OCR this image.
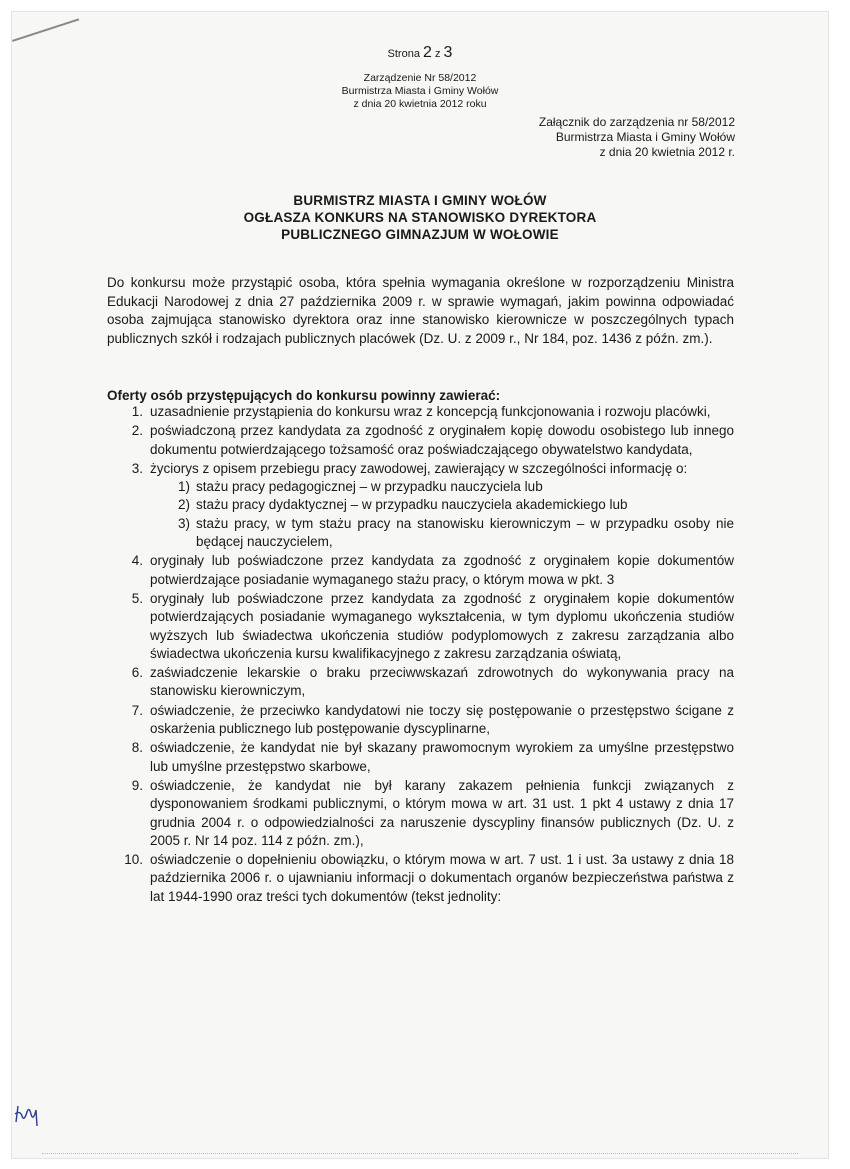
Strona 2 z 3
Zarządzenie Nr 58/2012
Burmistrza Miasta i Gminy Wołów
z dnia 20 kwietnia 2012 roku
Załącznik do zarządzenia nr 58/2012
Burmistrza Miasta i Gminy Wołów
z dnia 20 kwietnia 2012 r.
BURMISTRZ MIASTA I GMINY WOŁÓW
OGŁASZA KONKURS NA STANOWISKO DYREKTORA
PUBLICZNEGO GIMNAZJUM W WOŁOWIE
Do konkursu może przystąpić osoba, która spełnia wymagania określone w rozporządzeniu Ministra Edukacji Narodowej z dnia 27 października 2009 r. w sprawie wymagań, jakim powinna odpowiadać osoba zajmująca stanowisko dyrektora oraz inne stanowisko kierownicze w poszczególnych typach publicznych szkół i rodzajach publicznych placówek (Dz. U. z 2009 r., Nr 184, poz. 1436 z późn. zm.).
Oferty osób przystępujących do konkursu powinny zawierać:
1. uzasadnienie przystąpienia do konkursu wraz z koncepcją funkcjonowania i rozwoju placówki,
2. poświadczoną przez kandydata za zgodność z oryginałem kopię dowodu osobistego lub innego dokumentu potwierdzającego tożsamość oraz poświadczającego obywatelstwo kandydata,
3. życiorys z opisem przebiegu pracy zawodowej, zawierający w szczególności informację o:
1) stażu pracy pedagogicznej – w przypadku nauczyciela lub
2) stażu pracy dydaktycznej – w przypadku nauczyciela akademickiego lub
3) stażu pracy, w tym stażu pracy na stanowisku kierowniczym – w przypadku osoby nie będącej nauczycielem,
4. oryginały lub poświadczone przez kandydata za zgodność z oryginałem kopie dokumentów potwierdzające posiadanie wymaganego stażu pracy, o którym mowa w pkt. 3
5. oryginały lub poświadczone przez kandydata za zgodność z oryginałem kopie dokumentów potwierdzających posiadanie wymaganego wykształcenia, w tym dyplomu ukończenia studiów wyższych lub świadectwa ukończenia studiów podyplomowych z zakresu zarządzania albo świadectwa ukończenia kursu kwalifikacyjnego z zakresu zarządzania oświatą,
6. zaświadczenie lekarskie o braku przeciwwskazań zdrowotnych do wykonywania pracy na stanowisku kierowniczym,
7. oświadczenie, że przeciwko kandydatowi nie toczy się postępowanie o przestępstwo ścigane z oskarżenia publicznego lub postępowanie dyscyplinarne,
8. oświadczenie, że kandydat nie był skazany prawomocnym wyrokiem za umyślne przestępstwo lub umyślne przestępstwo skarbowe,
9. oświadczenie, że kandydat nie był karany zakazem pełnienia funkcji związanych z dysponowaniem środkami publicznymi, o którym mowa w art. 31 ust. 1 pkt 4 ustawy z dnia 17 grudnia 2004 r. o odpowiedzialności za naruszenie dyscypliny finansów publicznych (Dz. U. z 2005 r. Nr 14 poz. 114 z późn. zm.),
10. oświadczenie o dopełnieniu obowiązku, o którym mowa w art. 7 ust. 1 i ust. 3a ustawy z dnia 18 października 2006 r. o ujawnianiu informacji o dokumentach organów bezpieczeństwa państwa z lat 1944-1990 oraz treści tych dokumentów (tekst jednolity:
